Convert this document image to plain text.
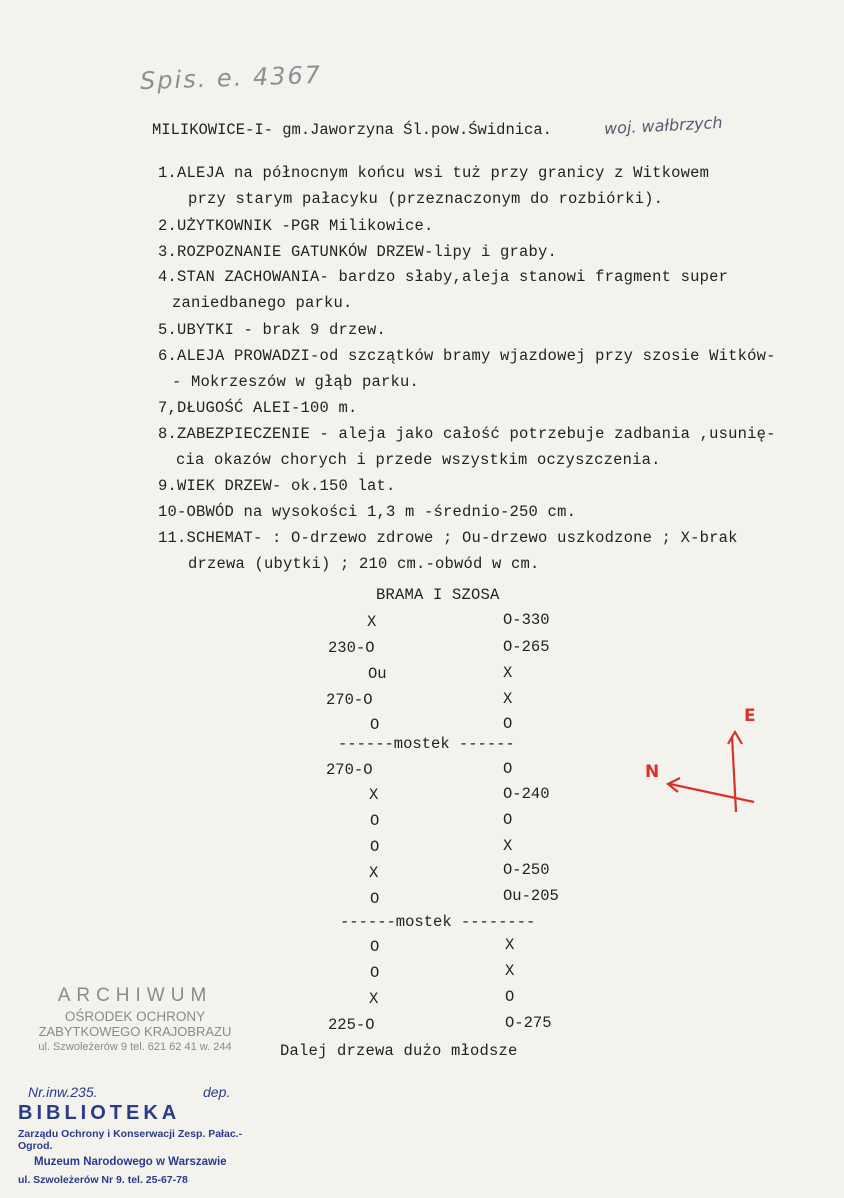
Spis. e. 4367
MILIKOWICE-I- gm.Jaworzyna Śl.pow.Świdnica.	woj. wałbrzych
1.ALEJA na północnym końcu wsi tuż przy granicy z Witkowem
przy starym pałacyku (przeznaczonym do rozbiórki).
2.UŻYTKOWNIK -PGR Milikowice.
3.ROZPOZNANIE GATUNKÓW DRZEW-lipy i graby.
4.STAN ZACHOWANIA- bardzo słaby,aleja stanowi fragment super
zaniedbanego parku.
5.UBYTKI - brak 9 drzew.
6.ALEJA PROWADZI-od szczątków bramy wjazdowej przy szosie Witków-
- Mokrzeszów w głąb parku.
7,DŁUGOŚĆ ALEI-100 m.
8.ZABEZPIECZENIE - aleja jako całość potrzebuje zadbania ,usunię-
cia okazów chorych i przede wszystkim oczyszczenia.
9.WIEK DRZEW- ok.150 lat.
10-OBWÓD na wysokości 1,3 m -średnio-250 cm.
11.SCHEMAT- : O-drzewo zdrowe ; Ou-drzewo uszkodzone ; X-brak
drzewa (ubytki) ; 210 cm.-obwód w cm.
BRAMA I SZOSA
X
230-O
Ou
270-O
O
O-330
O-265
X
X
O
------mostek ------
270-O
X
O
O
X
O
O
O-240
O
X
O-250
Ou-205
------mostek --------
O
O
X
225-O
X
X
O
O-275
Dalej drzewa dużo młodsze
E
N
ARCHIWUM
OŚRODEK OCHRONY
ZABYTKOWEGO KRAJOBRAZU
ul. Szwoleżerów 9 tel. 621 62 41 w. 244
Nr.inw.235.	dep.
BIBLIOTEKA
Zarządu Ochrony i Konserwacji Zesp. Pałac.-Ogrod.
Muzeum Narodowego w Warszawie
ul. Szwoleżerów Nr 9. tel. 25-67-78
